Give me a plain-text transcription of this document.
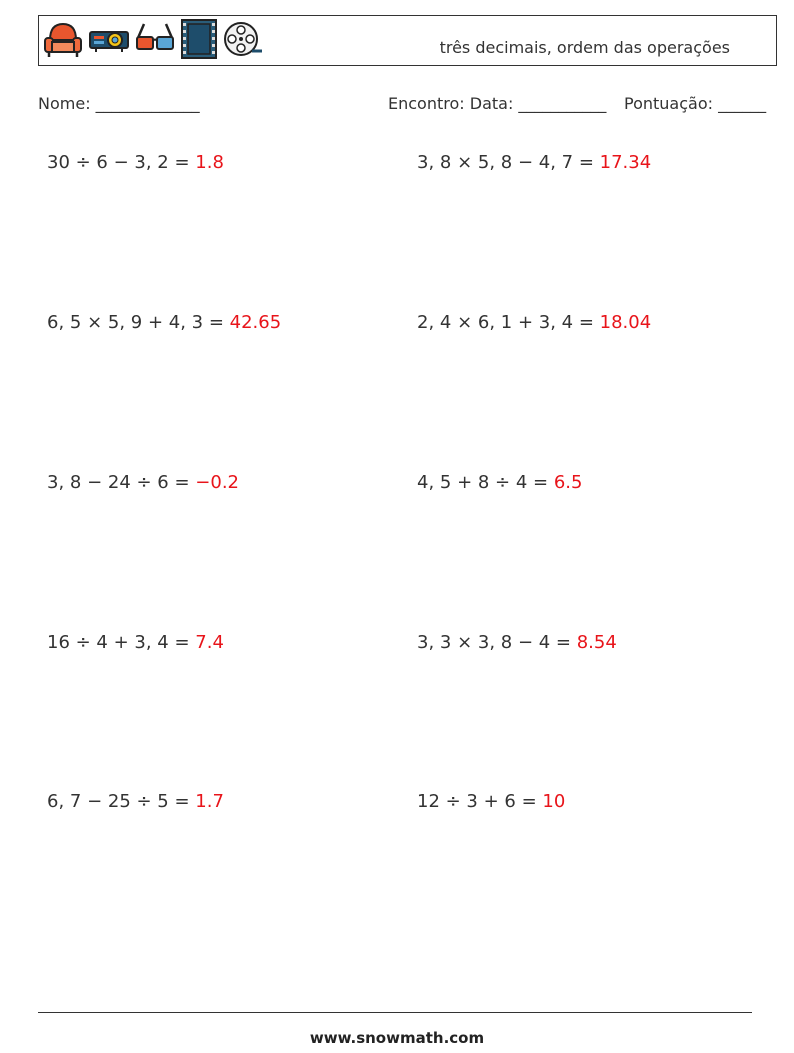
três decimais, ordem das operações
Nome: _____________	Encontro: Data: ___________ Pontuação: ______
30 ÷ 6 − 3, 2 = 1.8	3, 8 × 5, 8 − 4, 7 = 17.34
6, 5 × 5, 9 + 4, 3 = 42.65	2, 4 × 6, 1 + 3, 4 = 18.04
3, 8 − 24 ÷ 6 = −0.2	4, 5 + 8 ÷ 4 = 6.5
16 ÷ 4 + 3, 4 = 7.4	3, 3 × 3, 8 − 4 = 8.54
6, 7 − 25 ÷ 5 = 1.7	12 ÷ 3 + 6 = 10
www.snowmath.com
